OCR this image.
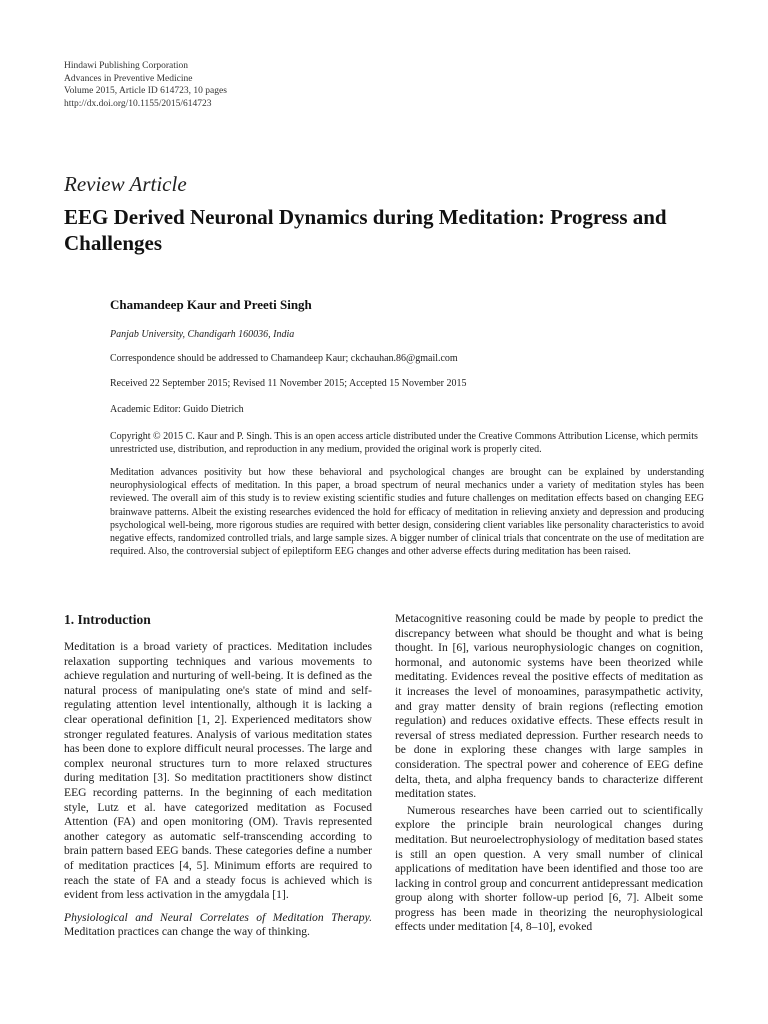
Hindawi Publishing Corporation
Advances in Preventive Medicine
Volume 2015, Article ID 614723, 10 pages
http://dx.doi.org/10.1155/2015/614723
Review Article
EEG Derived Neuronal Dynamics during Meditation: Progress and Challenges
Chamandeep Kaur and Preeti Singh
Panjab University, Chandigarh 160036, India
Correspondence should be addressed to Chamandeep Kaur; ckchauhan.86@gmail.com
Received 22 September 2015; Revised 11 November 2015; Accepted 15 November 2015
Academic Editor: Guido Dietrich
Copyright © 2015 C. Kaur and P. Singh. This is an open access article distributed under the Creative Commons Attribution License, which permits unrestricted use, distribution, and reproduction in any medium, provided the original work is properly cited.
Meditation advances positivity but how these behavioral and psychological changes are brought can be explained by understanding neurophysiological effects of meditation. In this paper, a broad spectrum of neural mechanics under a variety of meditation styles has been reviewed. The overall aim of this study is to review existing scientific studies and future challenges on meditation effects based on changing EEG brainwave patterns. Albeit the existing researches evidenced the hold for efficacy of meditation in relieving anxiety and depression and producing psychological well-being, more rigorous studies are required with better design, considering client variables like personality characteristics to avoid negative effects, randomized controlled trials, and large sample sizes. A bigger number of clinical trials that concentrate on the use of meditation are required. Also, the controversial subject of epileptiform EEG changes and other adverse effects during meditation has been raised.
1. Introduction

Meditation is a broad variety of practices. Meditation includes relaxation supporting techniques and various movements to achieve regulation and nurturing of well-being. It is defined as the natural process of manipulating one's state of mind and self-regulating attention level intentionally, although it is lacking a clear operational definition [1, 2]. Experienced meditators show stronger regulated features. Analysis of various meditation states has been done to explore difficult neural processes. The large and complex neuronal structures turn to more relaxed structures during meditation [3]. So meditation practitioners show distinct EEG recording patterns. In the beginning of each meditation style, Lutz et al. have categorized meditation as Focused Attention (FA) and open monitoring (OM). Travis represented another category as automatic self-transcending according to brain pattern based EEG bands. These categories define a number of meditation practices [4, 5]. Minimum efforts are required to reach the state of FA and a steady focus is achieved which is evident from less activation in the amygdala [1].

Physiological and Neural Correlates of Meditation Therapy. Meditation practices can change the way of thinking.

Metacognitive reasoning could be made by people to predict the discrepancy between what should be thought and what is being thought. In [6], various neurophysiologic changes on cognition, hormonal, and autonomic systems have been theorized while meditating. Evidences reveal the positive effects of meditation as it increases the level of monoamines, parasympathetic activity, and gray matter density of brain regions (reflecting emotion regulation) and reduces oxidative effects. These effects result in reversal of stress mediated depression. Further research needs to be done in exploring these changes with large samples in consideration. The spectral power and coherence of EEG define delta, theta, and alpha frequency bands to characterize different meditation states.

Numerous researches have been carried out to scientifically explore the principle brain neurological changes during meditation. But neuroelectrophysiology of meditation based states is still an open question. A very small number of clinical applications of meditation have been identified and those too are lacking in control group and concurrent antidepressant medication group along with shorter follow-up period [6, 7]. Albeit some progress has been made in theorizing the neurophysiological effects under meditation [4, 8–10], evoked
